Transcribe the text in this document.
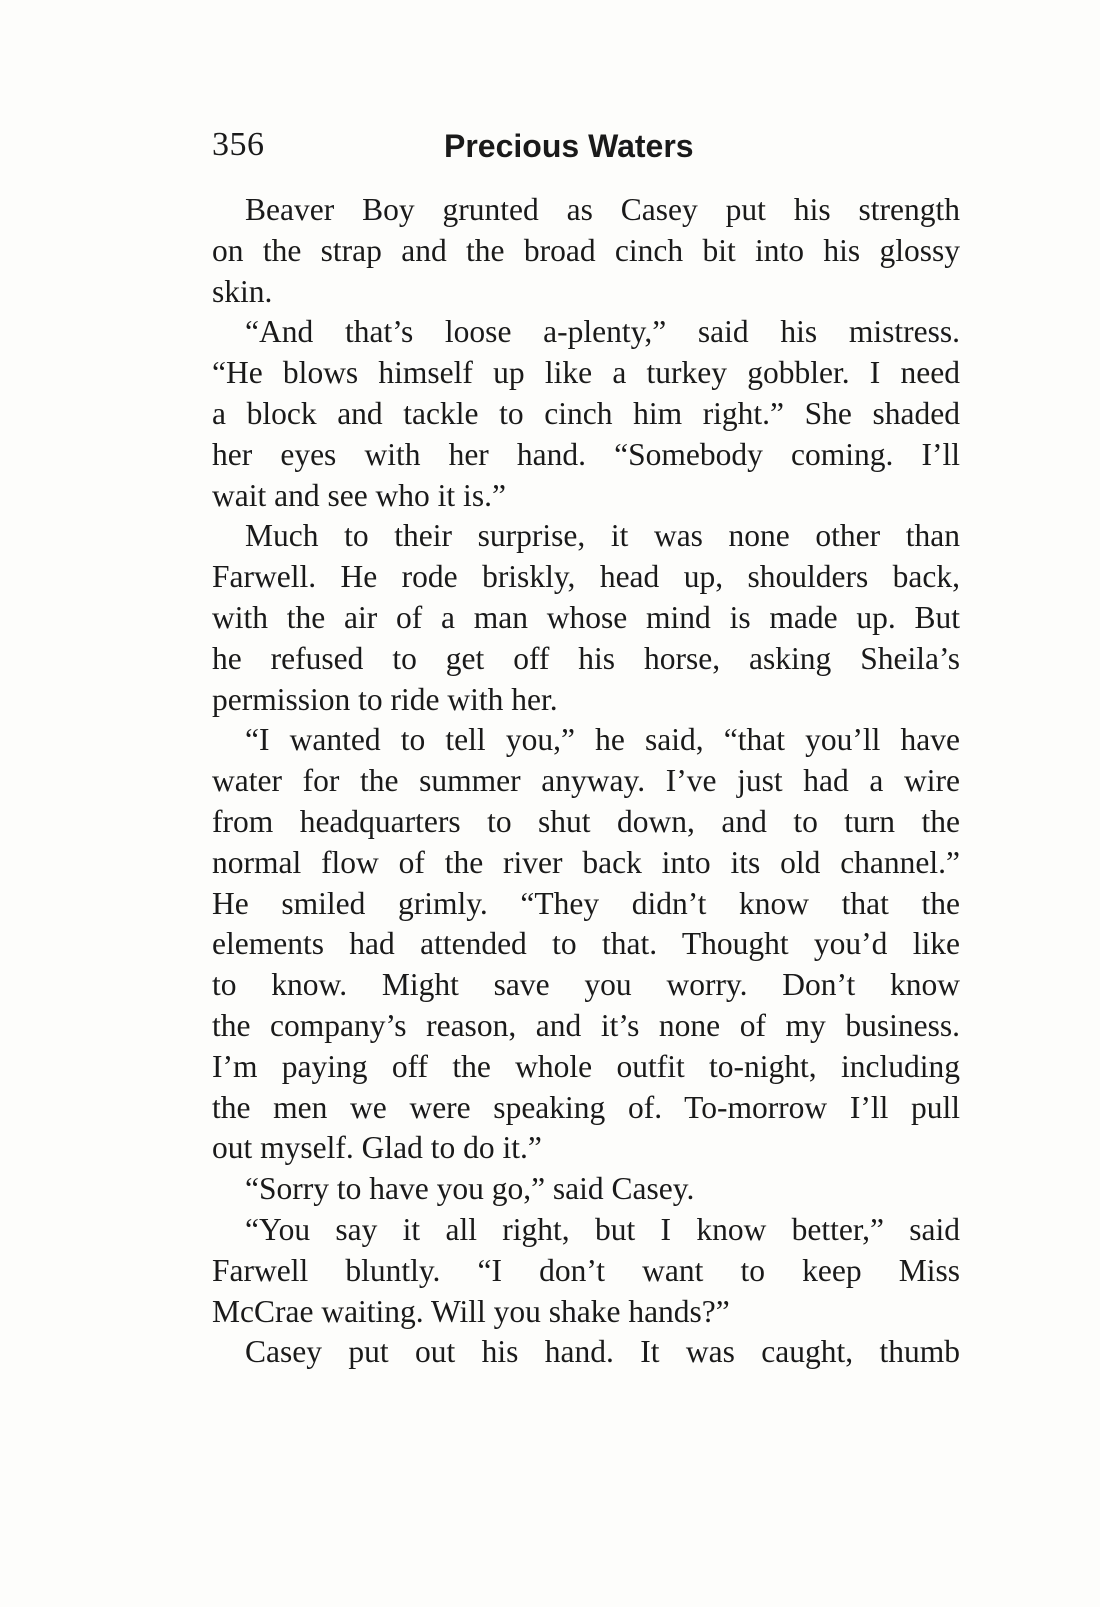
356	Precious Waters
Beaver Boy grunted as Casey put his strength
on the strap and the broad cinch bit into his glossy
skin.
“And that’s loose a-plenty,” said his mistress.
“He blows himself up like a turkey gobbler. I need
a block and tackle to cinch him right.” She shaded
her eyes with her hand. “Somebody coming. I’ll
wait and see who it is.”
Much to their surprise, it was none other than
Farwell. He rode briskly, head up, shoulders back,
with the air of a man whose mind is made up. But
he refused to get off his horse, asking Sheila’s
permission to ride with her.
“I wanted to tell you,” he said, “that you’ll have
water for the summer anyway. I’ve just had a wire
from headquarters to shut down, and to turn the
normal flow of the river back into its old channel.”
He smiled grimly. “They didn’t know that the
elements had attended to that. Thought you’d like
to know. Might save you worry. Don’t know
the company’s reason, and it’s none of my business.
I’m paying off the whole outfit to-night, including
the men we were speaking of. To-morrow I’ll pull
out myself. Glad to do it.”
“Sorry to have you go,” said Casey.
“You say it all right, but I know better,” said
Farwell bluntly. “I don’t want to keep Miss
McCrae waiting. Will you shake hands?”
Casey put out his hand. It was caught, thumb
